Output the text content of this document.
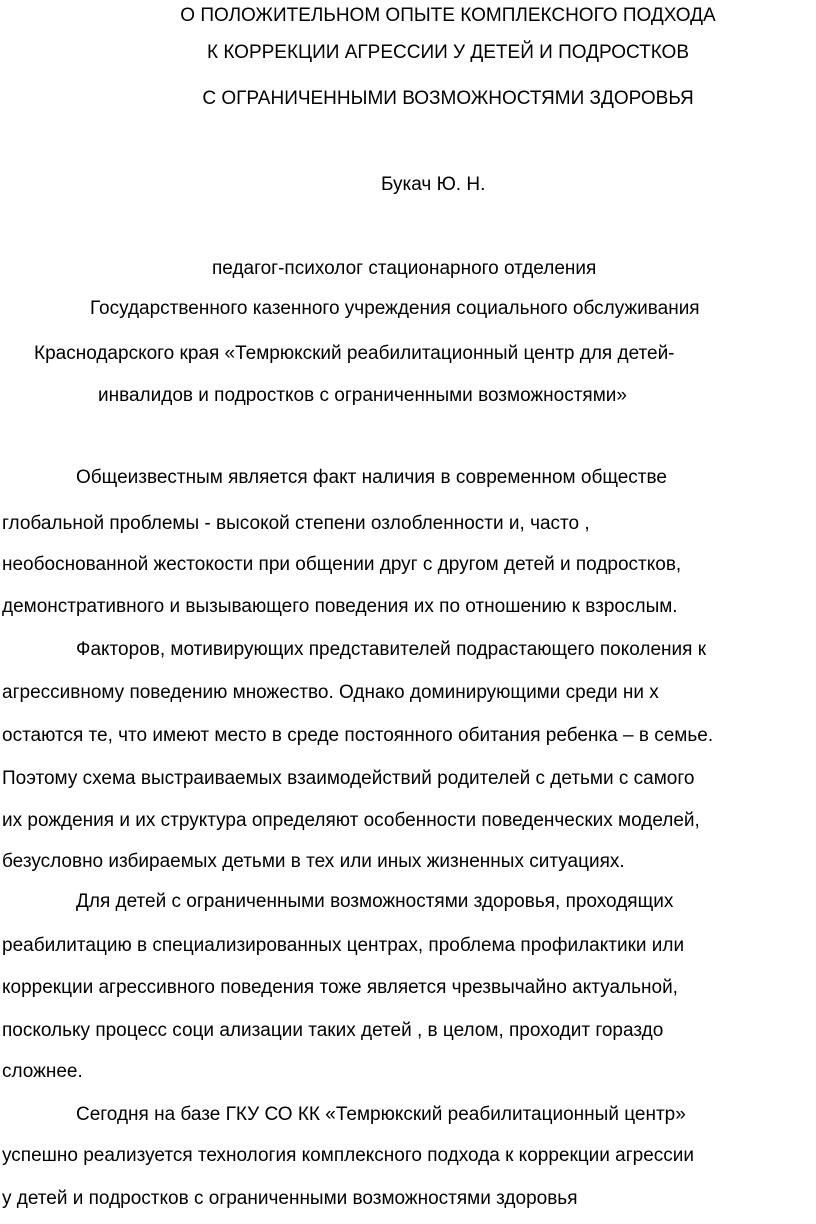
О ПОЛОЖИТЕЛЬНОМ ОПЫТЕ КОМПЛЕКСНОГО ПОДХОДА
К КОРРЕКЦИИ АГРЕССИИ У ДЕТЕЙ И ПОДРОСТКОВ
С ОГРАНИЧЕННЫМИ ВОЗМОЖНОСТЯМИ ЗДОРОВЬЯ
Букач Ю. Н.
педагог-психолог стационарного отделения
Государственного казенного учреждения социального обслуживания
Краснодарского края «Темрюкский реабилитационный центр для детей-
инвалидов и подростков с ограниченными возможностями»
Общеизвестным является факт наличия в современном обществе
глобальной проблемы - высокой степени озлобленности и, часто ,
необоснованной жестокости при общении друг с другом детей и подростков,
демонстративного и вызывающего поведения их по отношению к взрослым.
Факторов, мотивирующих представителей подрастающего поколения к
агрессивному поведению множество. Однако доминирующими среди ни х
остаются те, что имеют место в среде постоянного обитания ребенка – в семье.
Поэтому схема выстраиваемых взаимодействий родителей с детьми с самого
их рождения и их структура определяют особенности поведенческих моделей,
безусловно избираемых детьми в тех или иных жизненных ситуациях.
Для детей с ограниченными возможностями здоровья, проходящих
реабилитацию в специализированных центрах, проблема профилактики или
коррекции агрессивного поведения тоже является чрезвычайно актуальной,
поскольку процесс соци ализации таких детей , в целом, проходит гораздо
сложнее.
Сегодня на базе ГКУ СО КК «Темрюкский реабилитационный центр»
успешно реализуется технология комплексного подхода к коррекции агрессии
у детей и подростков с ограниченными возможностями здоровья
